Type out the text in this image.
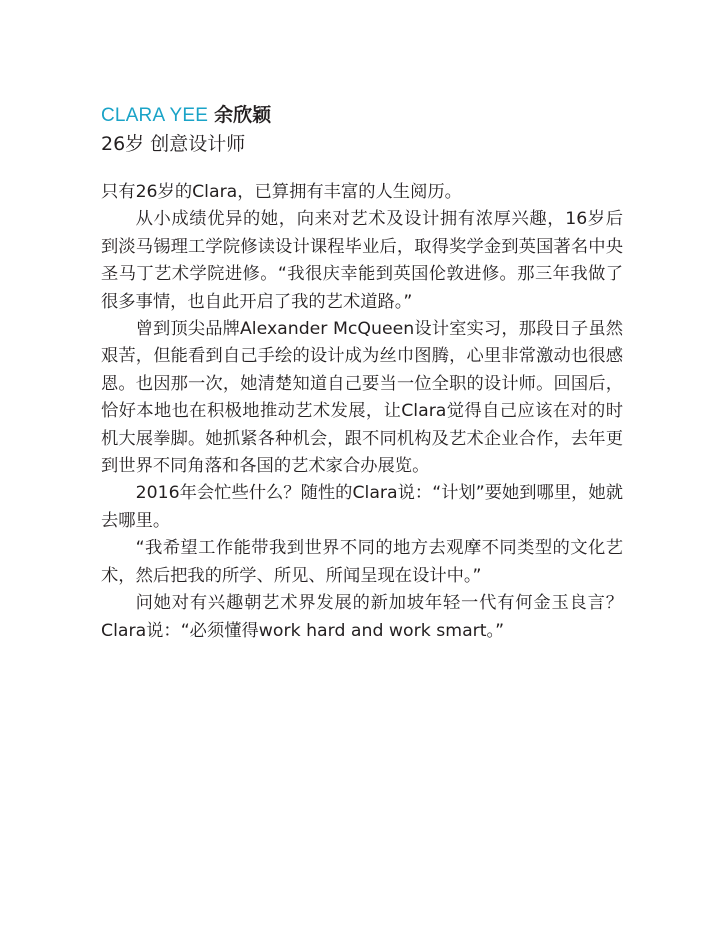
CLARA YEE 余欣颖
26岁 创意设计师

只有26岁的Clara，已算拥有丰富的人生阅历。

从小成绩优异的她，向来对艺术及设计拥有浓厚兴趣，16岁后到淡马锡理工学院修读设计课程毕业后，取得奖学金到英国著名中央圣马丁艺术学院进修。“我很庆幸能到英国伦敦进修。那三年我做了很多事情，也自此开启了我的艺术道路。”

曾到顶尖品牌Alexander McQueen设计室实习，那段日子虽然艰苦，但能看到自己手绘的设计成为丝巾图腾，心里非常激动也很感恩。也因那一次，她清楚知道自己要当一位全职的设计师。回国后，恰好本地也在积极地推动艺术发展，让Clara觉得自己应该在对的时机大展拳脚。她抓紧各种机会，跟不同机构及艺术企业合作，去年更到世界不同角落和各国的艺术家合办展览。

2016年会忙些什么？随性的Clara说：“计划”要她到哪里，她就去哪里。

“我希望工作能带我到世界不同的地方去观摩不同类型的文化艺术，然后把我的所学、所见、所闻呈现在设计中。”

问她对有兴趣朝艺术界发展的新加坡年轻一代有何金玉良言？Clara说：“必须懂得work hard and work smart。”
